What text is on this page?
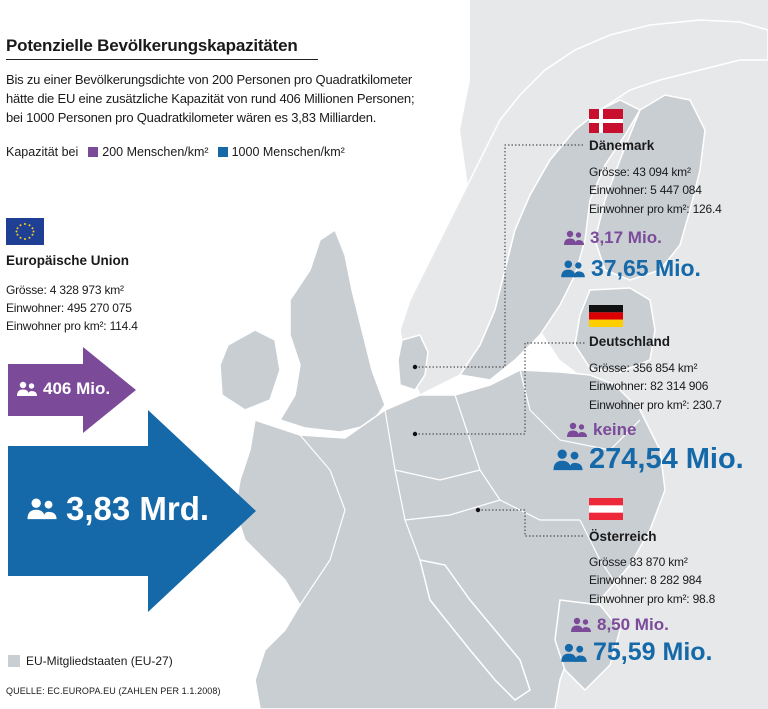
Potenzielle Bevölkerungskapazitäten
Bis zu einer Bevölkerungsdichte von 200 Personen pro Quadratkilometer
hätte die EU eine zusätzliche Kapazität von rund 406 Millionen Personen;
bei 1000 Personen pro Quadratkilometer wären es 3,83 Milliarden.
Kapazität bei 200 Menschen/km² 1000 Menschen/km²
Europäische Union
Grösse: 4 328 973 km²
Einwohner: 495 270 075
Einwohner pro km²: 114.4
406 Mio.
3,83 Mrd.
Dänemark
Grösse: 43 094 km²
Einwohner: 5 447 084
Einwohner pro km²: 126.4
3,17 Mio.
37,65 Mio.
Deutschland
Grösse: 356 854 km²
Einwohner: 82 314 906
Einwohner pro km²: 230.7
keine
274,54 Mio.
Österreich
Grösse 83 870 km²
Einwohner: 8 282 984
Einwohner pro km²: 98.8
8,50 Mio.
75,59 Mio.
EU-Mitgliedstaaten (EU-27)
QUELLE: EC.EUROPA.EU (ZAHLEN PER 1.1.2008)
